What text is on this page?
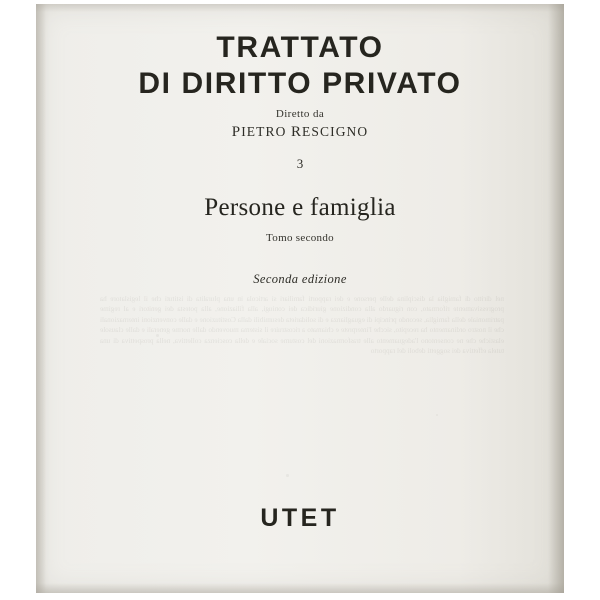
nel diritto di famiglia la disciplina delle persone e dei rapporti familiari si articola in una pluralita di istituti che il legislatore ha progressivamente riformato, con riguardo alla condizione giuridica dei coniugi, alla filiazione, alla potesta dei genitori e al regime patrimoniale della famiglia, secondo principi di eguaglianza e di solidarieta desumibili dalla Costituzione e dalle convenzioni internazionali che il nostro ordinamento ha recepito, sicche l'interprete e chiamato a ricostruire il sistema muovendo dalle norme generali e dalle clausole elastiche che ne consentono l'adeguamento alle trasformazioni del costume sociale e della coscienza collettiva, nella prospettiva di una tutela effettiva dei soggetti deboli del rapporto
TRATTATO
DI DIRITTO PRIVATO
Diretto da
PIETRO RESCIGNO
3
Persone e famiglia
Tomo secondo
Seconda edizione
UTET
